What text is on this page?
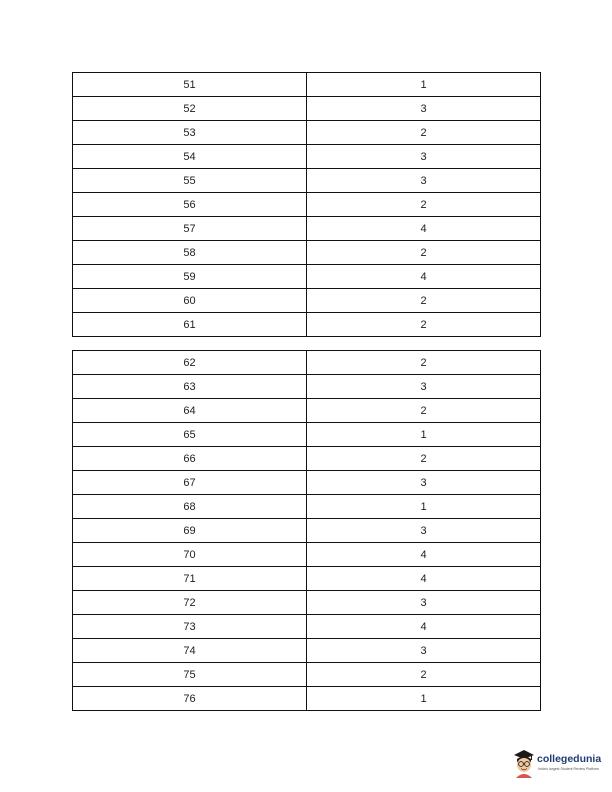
51	1
52	3
53	2
54	3
55	3
56	2
57	4
58	2
59	4
60	2
61	2
62	2
63	3
64	2
65	1
66	2
67	3
68	1
69	3
70	4
71	4
72	3
73	4
74	3
75	2
76	1
collegedunia
India's largest Student Review Platform
